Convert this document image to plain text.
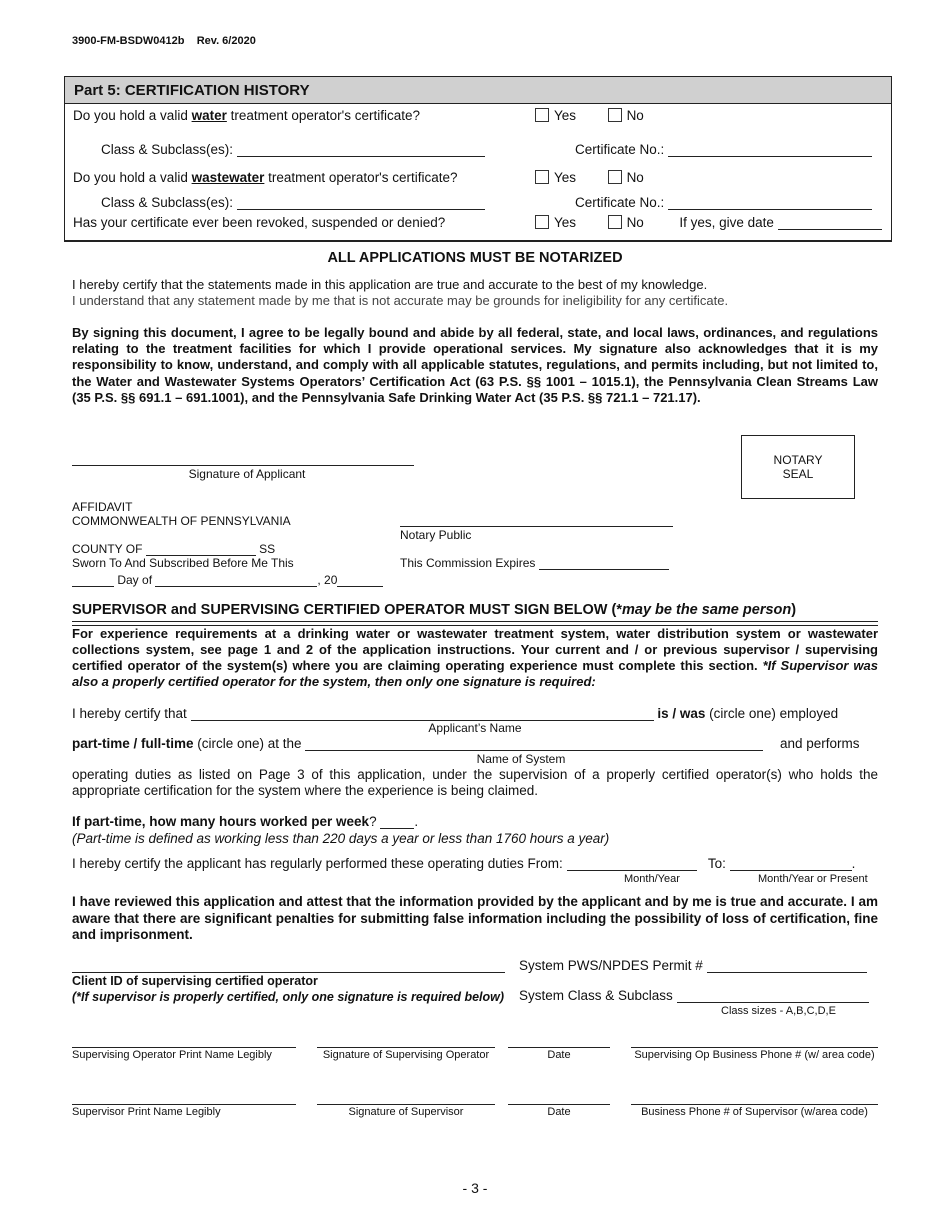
3900-FM-BSDW0412b    Rev. 6/2020
Part 5: CERTIFICATION HISTORY
Do you hold a valid water treatment operator's certificate?	Yes	No
Class & Subclass(es):	Certificate No.:
Do you hold a valid wastewater treatment operator's certificate?	Yes	No
Class & Subclass(es):	Certificate No.:
Has your certificate ever been revoked, suspended or denied?	Yes	No	If yes, give date
ALL APPLICATIONS MUST BE NOTARIZED
I hereby certify that the statements made in this application are true and accurate to the best of my knowledge.
I understand that any statement made by me that is not accurate may be grounds for ineligibility for any certificate.
By signing this document, I agree to be legally bound and abide by all federal, state, and local laws, ordinances, and regulations relating to the treatment facilities for which I provide operational services. My signature also acknowledges that it is my responsibility to know, understand, and comply with all applicable statutes, regulations, and permits including, but not limited to, the Water and Wastewater Systems Operators’ Certification Act (63 P.S. §§ 1001 – 1015.1), the Pennsylvania Clean Streams Law (35 P.S. §§ 691.1 – 691.1001), and the Pennsylvania Safe Drinking Water Act (35 P.S. §§ 721.1 – 721.17).
Signature of Applicant
NOTARY
SEAL
AFFIDAVIT
COMMONWEALTH OF PENNSYLVANIA
Notary Public
COUNTY OF	SS
Sworn To And Subscribed Before Me This	This Commission Expires
Day of	, 20
SUPERVISOR and SUPERVISING CERTIFIED OPERATOR MUST SIGN BELOW (*may be the same person)
For experience requirements at a drinking water or wastewater treatment system, water distribution system or wastewater collections system, see page 1 and 2 of the application instructions. Your current and / or previous supervisor / supervising certified operator of the system(s) where you are claiming operating experience must complete this section. *If Supervisor was also a properly certified operator for the system, then only one signature is required:
I hereby certify that	is / was (circle one) employed
Applicant’s Name
part-time / full-time (circle one) at the	and performs
Name of System
operating duties as listed on Page 3 of this application, under the supervision of a properly certified operator(s) who holds the appropriate certification for the system where the experience is being claimed.
If part-time, how many hours worked per week?	.
(Part-time is defined as working less than 220 days a year or less than 1760 hours a year)
I hereby certify the applicant has regularly performed these operating duties From:	To:	.
Month/Year	Month/Year or Present
I have reviewed this application and attest that the information provided by the applicant and by me is true and accurate. I am aware that there are significant penalties for submitting false information including the possibility of loss of certification, fine and imprisonment.
Client ID of supervising certified operator
(*If supervisor is properly certified, only one signature is required below)
System PWS/NPDES Permit #
System Class & Subclass
Class sizes - A,B,C,D,E
Supervising Operator Print Name Legibly	Signature of Supervising Operator	Date	Supervising Op Business Phone # (w/ area code)
Supervisor Print Name Legibly	Signature of Supervisor	Date	Business Phone # of Supervisor (w/area code)
- 3 -
